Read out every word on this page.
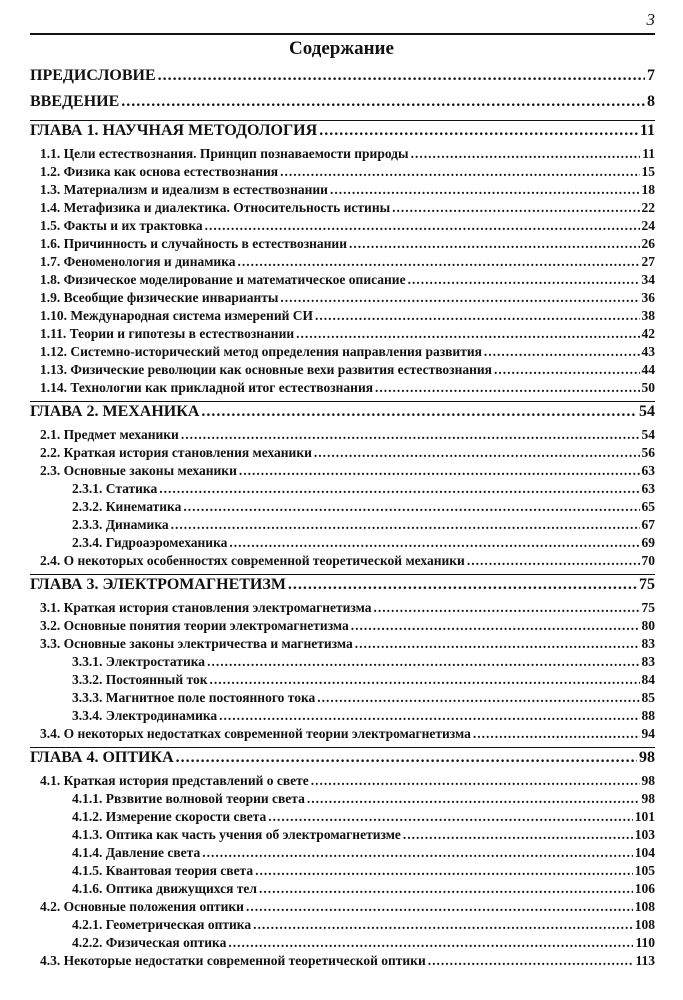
3
Содержание
ПРЕДИСЛОВИЕ .....	7
ВВЕДЕНИЕ .....	8
ГЛАВА 1. НАУЧНАЯ МЕТОДОЛОГИЯ .....	11
1.1. Цели естествознания. Принцип познаваемости природы .....	11
1.2. Физика как основа естествознания .....	15
1.3. Материализм и идеализм в естествознании .....	18
1.4. Метафизика и диалектика. Относительность истины .....	22
1.5. Факты и их трактовка .....	24
1.6. Причинность и случайность в естествознании .....	26
1.7. Феноменология и динамика .....	27
1.8. Физическое моделирование и математическое описание .....	34
1.9. Всеобщие физические инварианты .....	36
1.10. Международная система измерений СИ .....	38
1.11. Теории и гипотезы в естествознании .....	42
1.12. Системно-исторический метод определения направления развития .....	43
1.13. Физические революции как основные вехи развития естествознания .....	44
1.14. Технологии как прикладной итог естествознания .....	50
ГЛАВА 2. МЕХАНИКА .....	54
2.1. Предмет механики .....	54
2.2. Краткая история становления механики .....	56
2.3. Основные законы механики .....	63
2.3.1. Статика .....	63
2.3.2. Кинематика .....	65
2.3.3. Динамика .....	67
2.3.4. Гидроаэромеханика .....	69
2.4. О некоторых особенностях современной теоретической механики .....	70
ГЛАВА 3. ЭЛЕКТРОМАГНЕТИЗМ .....	75
3.1. Краткая история становления электромагнетизма .....	75
3.2. Основные понятия теории электромагнетизма .....	80
3.3. Основные законы электричества и магнетизма .....	83
3.3.1. Электростатика .....	83
3.3.2. Постоянный ток .....	84
3.3.3. Магнитное поле постоянного тока .....	85
3.3.4. Электродинамика .....	88
3.4. О некоторых недостатках современной теории электромагнетизма .....	94
ГЛАВА 4. ОПТИКА .....	98
4.1. Краткая история представлений о свете .....	98
4.1.1. Рвзвитие волновой теории света .....	98
4.1.2. Измерение скорости света .....	101
4.1.3. Оптика как часть учения об электромагнетизме .....	103
4.1.4. Давление света .....	104
4.1.5. Квантовая теория света .....	105
4.1.6. Оптика движущихся тел .....	106
4.2. Основные положения оптики .....	108
4.2.1. Геометрическая оптика .....	108
4.2.2. Физическая оптика .....	110
4.3. Некоторые недостатки современной теоретической оптики .....	113
